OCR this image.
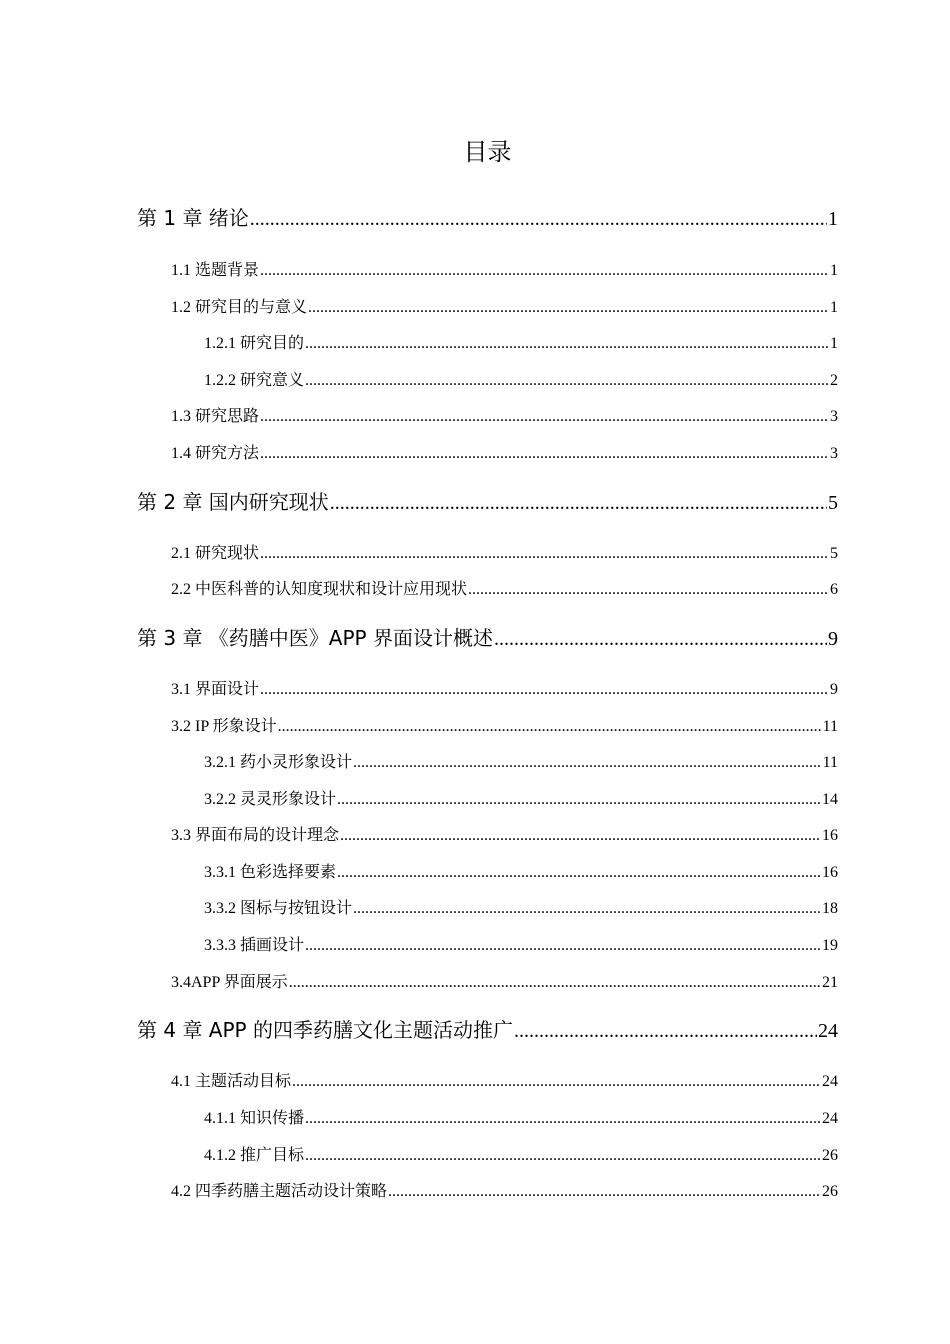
目录
第 1 章 绪论 .....	1
1.1 选题背景 .....	1
1.2 研究目的与意义 .....	1
1.2.1 研究目的 .....	1
1.2.2 研究意义 .....	2
1.3 研究思路 .....	3
1.4 研究方法 .....	3
第 2 章 国内研究现状 .....	5
2.1 研究现状 .....	5
2.2 中医科普的认知度现状和设计应用现状 .....	6
第 3 章 《药膳中医》APP 界面设计概述 .....	9
3.1 界面设计 .....	9
3.2 IP 形象设计 .....	11
3.2.1 药小灵形象设计 .....	11
3.2.2 灵灵形象设计 .....	14
3.3 界面布局的设计理念 .....	16
3.3.1 色彩选择要素 .....	16
3.3.2 图标与按钮设计 .....	18
3.3.3 插画设计 .....	19
3.4APP 界面展示 .....	21
第 4 章 APP 的四季药膳文化主题活动推广 .....	24
4.1 主题活动目标 .....	24
4.1.1 知识传播 .....	24
4.1.2 推广目标 .....	26
4.2 四季药膳主题活动设计策略 .....	26
